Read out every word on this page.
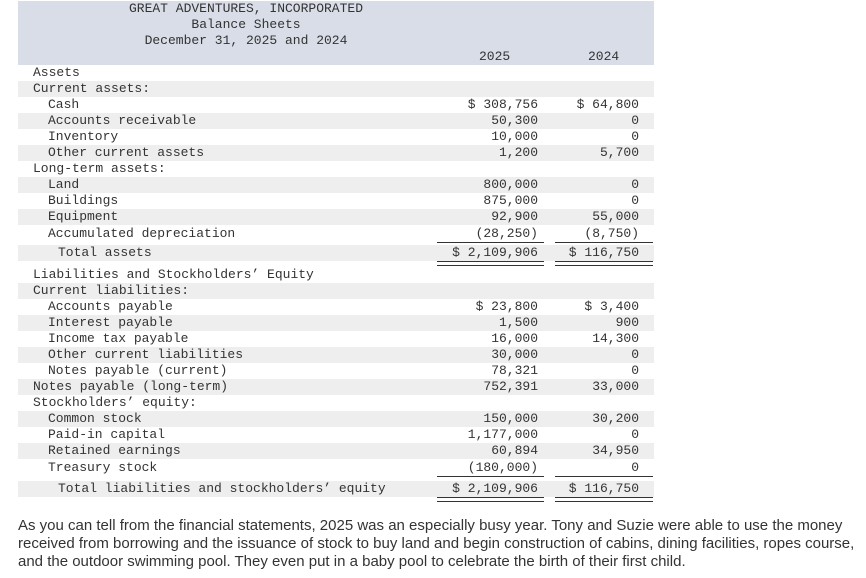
GREAT ADVENTURES, INCORPORATED
Balance Sheets
December 31, 2025 and 2024
2025	2024
Assets
Current assets:
Cash	$ 308,756	$ 64,800
Accounts receivable	50,300	0
Inventory	10,000	0
Other current assets	1,200	5,700
Long-term assets:
Land	800,000	0
Buildings	875,000	0
Equipment	92,900	55,000
Accumulated depreciation	(28,250)	(8,750)
Total assets	$ 2,109,906	$ 116,750
Liabilities and Stockholders’ Equity
Current liabilities:
Accounts payable	$ 23,800	$ 3,400
Interest payable	1,500	900
Income tax payable	16,000	14,300
Other current liabilities	30,000	0
Notes payable (current)	78,321	0
Notes payable (long-term)	752,391	33,000
Stockholders’ equity:
Common stock	150,000	30,200
Paid-in capital	1,177,000	0
Retained earnings	60,894	34,950
Treasury stock	(180,000)	0
Total liabilities and stockholders’ equity	$ 2,109,906	$ 116,750
As you can tell from the financial statements, 2025 was an especially busy year. Tony and Suzie were able to use the money received from borrowing and the issuance of stock to buy land and begin construction of cabins, dining facilities, ropes course, and the outdoor swimming pool. They even put in a baby pool to celebrate the birth of their first child.
